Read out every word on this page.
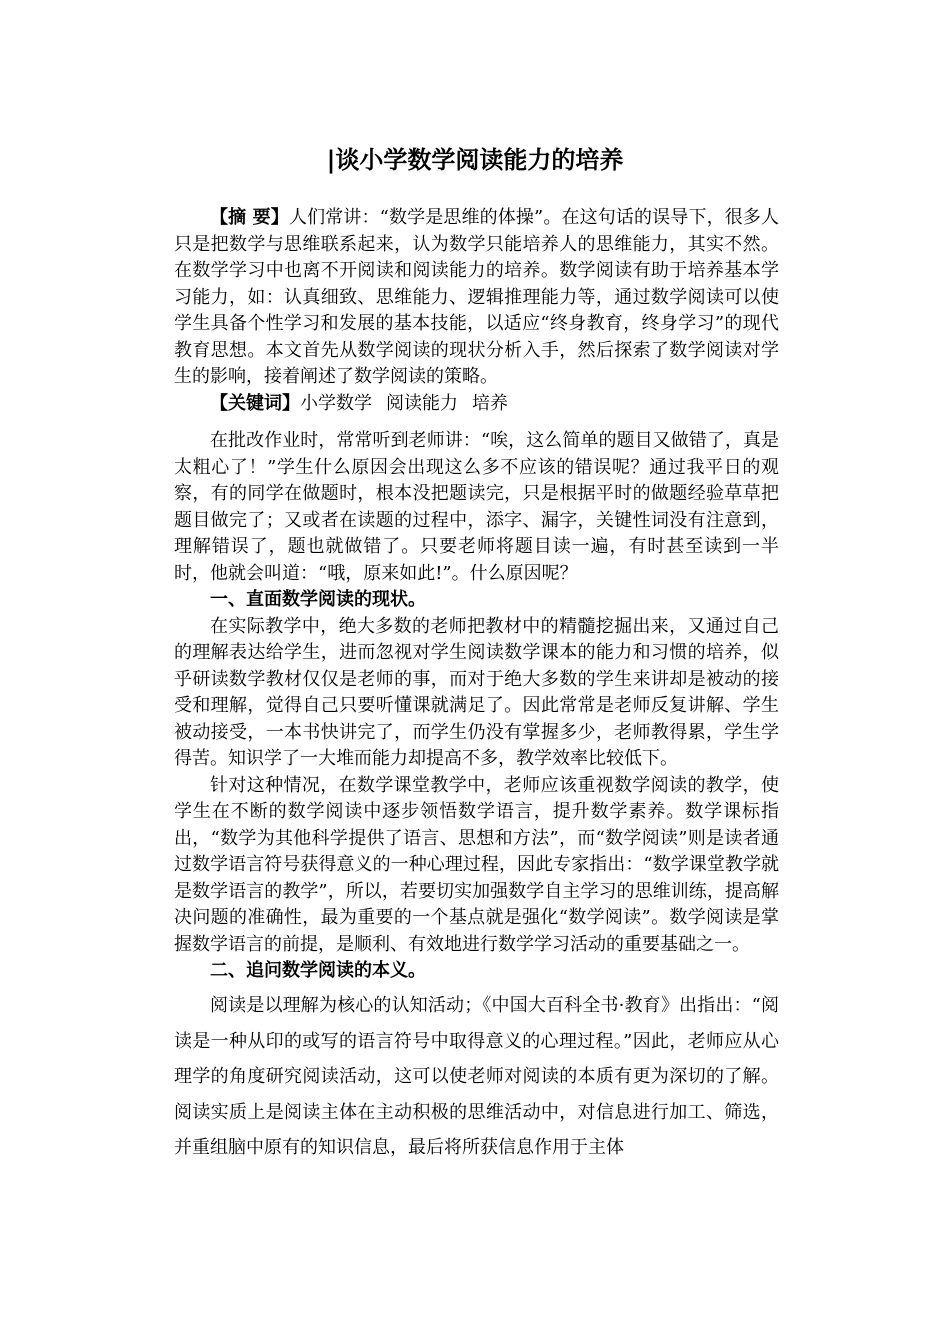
|谈小学数学阅读能力的培养

【摘 要】人们常讲：“数学是思维的体操”。在这句话的误导下，很多人只是把数学与思维联系起来，认为数学只能培养人的思维能力，其实不然。在数学学习中也离不开阅读和阅读能力的培养。数学阅读有助于培养基本学习能力，如：认真细致、思维能力、逻辑推理能力等，通过数学阅读可以使学生具备个性学习和发展的基本技能，以适应“终身教育，终身学习”的现代教育思想。本文首先从数学阅读的现状分析入手，然后探索了数学阅读对学生的影响，接着阐述了数学阅读的策略。

【关键词】小学数学 阅读能力 培养

在批改作业时，常常听到老师讲：“唉，这么简单的题目又做错了，真是太粗心了！”学生什么原因会出现这么多不应该的错误呢？通过我平日的观察，有的同学在做题时，根本没把题读完，只是根据平时的做题经验草草把题目做完了；又或者在读题的过程中，添字、漏字，关键性词没有注意到，理解错误了，题也就做错了。只要老师将题目读一遍，有时甚至读到一半时，他就会叫道：“哦，原来如此!”。什么原因呢？

一、直面数学阅读的现状。

在实际教学中，绝大多数的老师把教材中的精髓挖掘出来，又通过自己的理解表达给学生，进而忽视对学生阅读数学课本的能力和习惯的培养，似乎研读数学教材仅仅是老师的事，而对于绝大多数的学生来讲却是被动的接受和理解，觉得自己只要听懂课就满足了。因此常常是老师反复讲解、学生被动接受，一本书快讲完了，而学生仍没有掌握多少，老师教得累，学生学得苦。知识学了一大堆而能力却提高不多，教学效率比较低下。

针对这种情况，在数学课堂教学中，老师应该重视数学阅读的教学，使学生在不断的数学阅读中逐步领悟数学语言，提升数学素养。数学课标指出，“数学为其他科学提供了语言、思想和方法”，而“数学阅读”则是读者通过数学语言符号获得意义的一种心理过程，因此专家指出：“数学课堂教学就是数学语言的教学”，所以，若要切实加强数学自主学习的思维训练，提高解决问题的准确性，最为重要的一个基点就是强化“数学阅读”。数学阅读是掌握数学语言的前提，是顺利、有效地进行数学学习活动的重要基础之一。

二、追问数学阅读的本义。

阅读是以理解为核心的认知活动；《中国大百科全书·教育》出指出：“阅读是一种从印的或写的语言符号中取得意义的心理过程。”因此，老师应从心理学的角度研究阅读活动，这可以使老师对阅读的本质有更为深切的了解。阅读实质上是阅读主体在主动积极的思维活动中，对信息进行加工、筛选，并重组脑中原有的知识信息，最后将所获信息作用于主体
